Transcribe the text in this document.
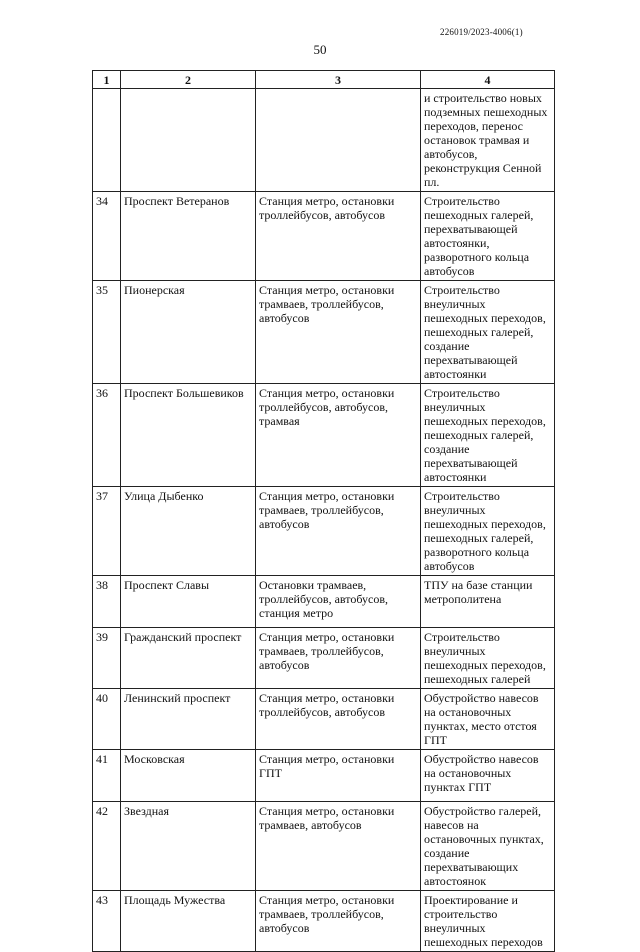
226019/2023-4006(1)
50
1	2	3	4
			и строительство новых подземных пешеходных переходов, перенос остановок трамвая и автобусов, реконструкция Сенной пл.
34	Проспект Ветеранов	Станция метро, остановки троллейбусов, автобусов	Строительство пешеходных галерей, перехватывающей автостоянки, разворотного кольца автобусов
35	Пионерская	Станция метро, остановки трамваев, троллейбусов, автобусов	Строительство внеуличных пешеходных переходов, пешеходных галерей, создание перехватывающей автостоянки
36	Проспект Большевиков	Станция метро, остановки троллейбусов, автобусов, трамвая	Строительство внеуличных пешеходных переходов, пешеходных галерей, создание перехватывающей автостоянки
37	Улица Дыбенко	Станция метро, остановки трамваев, троллейбусов, автобусов	Строительство внеуличных пешеходных переходов, пешеходных галерей, разворотного кольца автобусов
38	Проспект Славы	Остановки трамваев, троллейбусов, автобусов, станция метро	ТПУ на базе станции метрополитена
39	Гражданский проспект	Станция метро, остановки трамваев, троллейбусов, автобусов	Строительство внеуличных пешеходных переходов, пешеходных галерей
40	Ленинский проспект	Станция метро, остановки троллейбусов, автобусов	Обустройство навесов на остановочных пунктах, место отстоя ГПТ
41	Московская	Станция метро, остановки ГПТ	Обустройство навесов на остановочных пунктах ГПТ
42	Звездная	Станция метро, остановки трамваев, автобусов	Обустройство галерей, навесов на остановочных пунктах, создание перехватывающих автостоянок
43	Площадь Мужества	Станция метро, остановки трамваев, троллейбусов, автобусов	Проектирование и строительство внеуличных пешеходных переходов
